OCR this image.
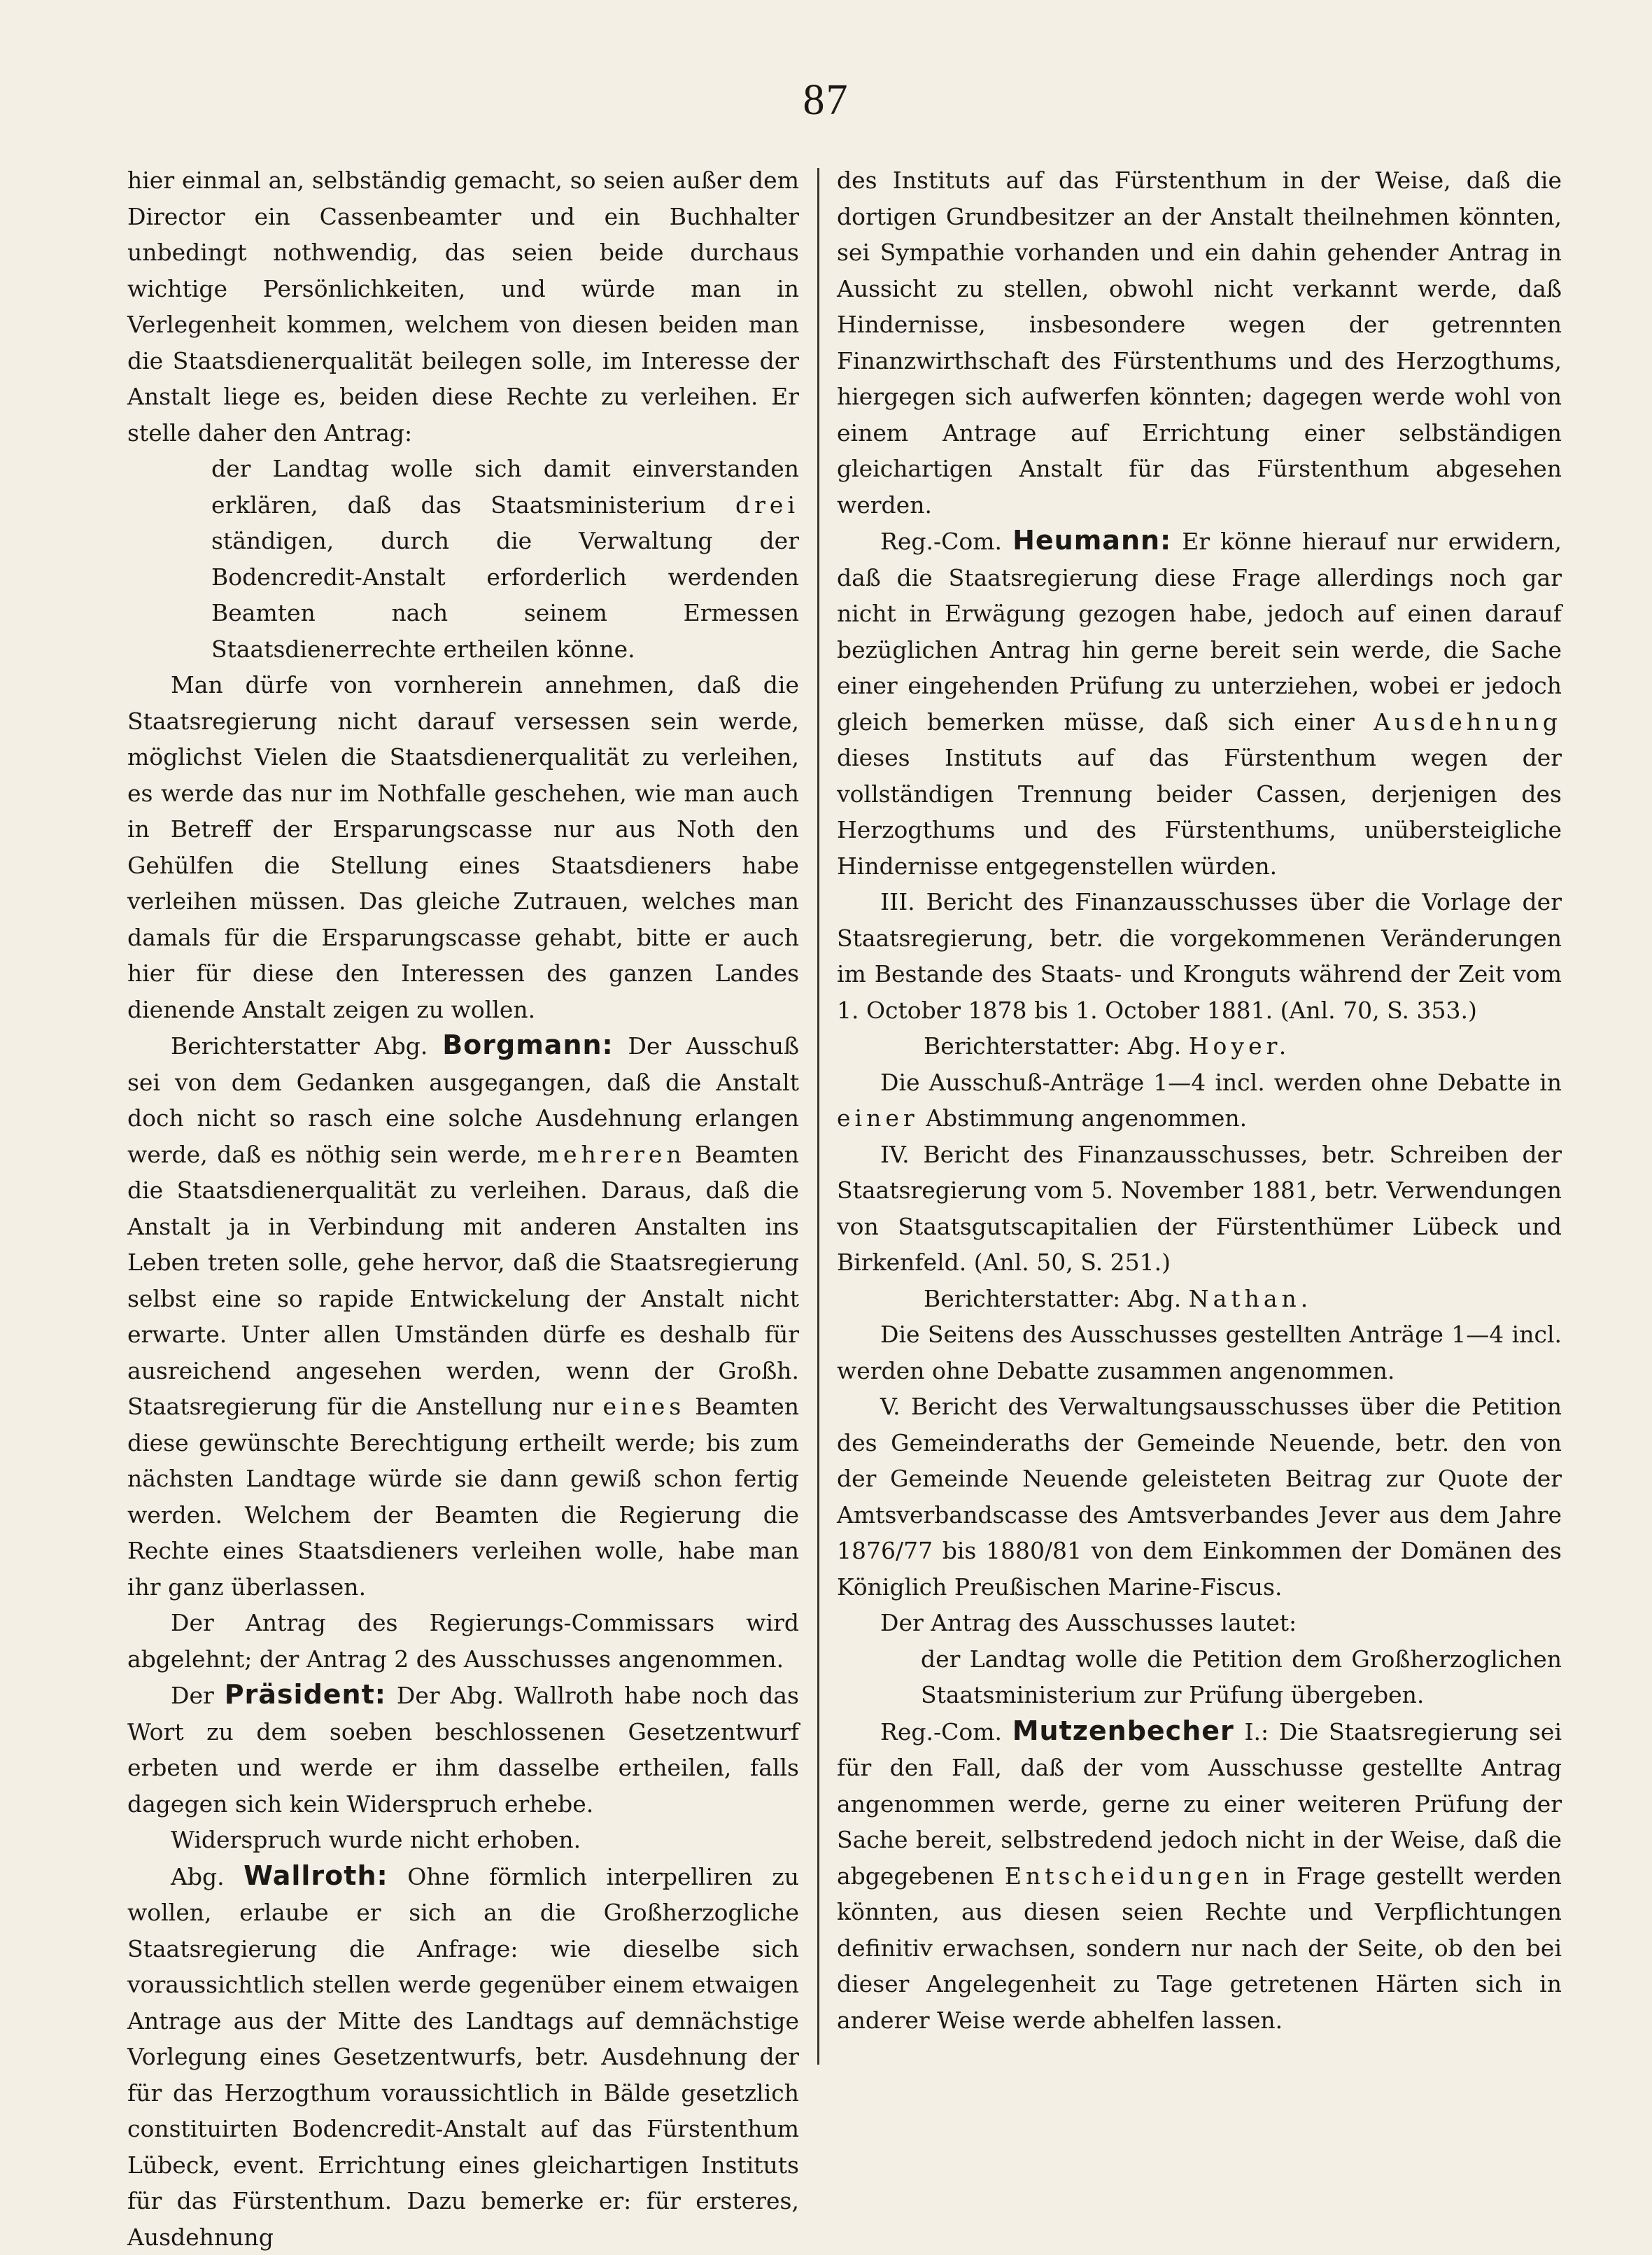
87

hier einmal an, selbständig gemacht, so seien außer dem Director ein Cassenbeamter und ein Buchhalter unbedingt nothwendig, das seien beide durchaus wichtige Persönlichkeiten, und würde man in Verlegenheit kommen, welchem von diesen beiden man die Staatsdienerqualität beilegen solle, im Interesse der Anstalt liege es, beiden diese Rechte zu verleihen. Er stelle daher den Antrag:

der Landtag wolle sich damit einverstanden erklären, daß das Staatsministerium drei ständigen, durch die Verwaltung der Bodencredit-Anstalt erforderlich werdenden Beamten nach seinem Ermessen Staatsdienerrechte ertheilen könne.

Man dürfe von vornherein annehmen, daß die Staatsregierung nicht darauf versessen sein werde, möglichst Vielen die Staatsdienerqualität zu verleihen, es werde das nur im Nothfalle geschehen, wie man auch in Betreff der Ersparungscasse nur aus Noth den Gehülfen die Stellung eines Staatsdieners habe verleihen müssen. Das gleiche Zutrauen, welches man damals für die Ersparungscasse gehabt, bitte er auch hier für diese den Interessen des ganzen Landes dienende Anstalt zeigen zu wollen.

Berichterstatter Abg. Borgmann: Der Ausschuß sei von dem Gedanken ausgegangen, daß die Anstalt doch nicht so rasch eine solche Ausdehnung erlangen werde, daß es nöthig sein werde, mehreren Beamten die Staatsdienerqualität zu verleihen. Daraus, daß die Anstalt ja in Verbindung mit anderen Anstalten ins Leben treten solle, gehe hervor, daß die Staatsregierung selbst eine so rapide Entwickelung der Anstalt nicht erwarte. Unter allen Umständen dürfe es deshalb für ausreichend angesehen werden, wenn der Großh. Staatsregierung für die Anstellung nur eines Beamten diese gewünschte Berechtigung ertheilt werde; bis zum nächsten Landtage würde sie dann gewiß schon fertig werden. Welchem der Beamten die Regierung die Rechte eines Staatsdieners verleihen wolle, habe man ihr ganz überlassen.

Der Antrag des Regierungs-Commissars wird abgelehnt; der Antrag 2 des Ausschusses angenommen.

Der Präsident: Der Abg. Wallroth habe noch das Wort zu dem soeben beschlossenen Gesetzentwurf erbeten und werde er ihm dasselbe ertheilen, falls dagegen sich kein Widerspruch erhebe.

Widerspruch wurde nicht erhoben.

Abg. Wallroth: Ohne förmlich interpelliren zu wollen, erlaube er sich an die Großherzogliche Staatsregierung die Anfrage: wie dieselbe sich voraussichtlich stellen werde gegenüber einem etwaigen Antrage aus der Mitte des Landtags auf demnächstige Vorlegung eines Gesetzentwurfs, betr. Ausdehnung der für das Herzogthum voraussichtlich in Bälde gesetzlich constituirten Bodencredit-Anstalt auf das Fürstenthum Lübeck, event. Errichtung eines gleichartigen Instituts für das Fürstenthum. Dazu bemerke er: für ersteres, Ausdehnung

des Instituts auf das Fürstenthum in der Weise, daß die dortigen Grundbesitzer an der Anstalt theilnehmen könnten, sei Sympathie vorhanden und ein dahin gehender Antrag in Aussicht zu stellen, obwohl nicht verkannt werde, daß Hindernisse, insbesondere wegen der getrennten Finanzwirthschaft des Fürstenthums und des Herzogthums, hiergegen sich aufwerfen könnten; dagegen werde wohl von einem Antrage auf Errichtung einer selbständigen gleichartigen Anstalt für das Fürstenthum abgesehen werden.

Reg.-Com. Heumann: Er könne hierauf nur erwidern, daß die Staatsregierung diese Frage allerdings noch gar nicht in Erwägung gezogen habe, jedoch auf einen darauf bezüglichen Antrag hin gerne bereit sein werde, die Sache einer eingehenden Prüfung zu unterziehen, wobei er jedoch gleich bemerken müsse, daß sich einer Ausdehnung dieses Instituts auf das Fürstenthum wegen der vollständigen Trennung beider Cassen, derjenigen des Herzogthums und des Fürstenthums, unübersteigliche Hindernisse entgegenstellen würden.

III. Bericht des Finanzausschusses über die Vorlage der Staatsregierung, betr. die vorgekommenen Veränderungen im Bestande des Staats- und Kronguts während der Zeit vom 1. October 1878 bis 1. October 1881. (Anl. 70, S. 353.)

Berichterstatter: Abg. Hoyer.

Die Ausschuß-Anträge 1—4 incl. werden ohne Debatte in einer Abstimmung angenommen.

IV. Bericht des Finanzausschusses, betr. Schreiben der Staatsregierung vom 5. November 1881, betr. Verwendungen von Staatsgutscapitalien der Fürstenthümer Lübeck und Birkenfeld. (Anl. 50, S. 251.)

Berichterstatter: Abg. Nathan.

Die Seitens des Ausschusses gestellten Anträge 1—4 incl. werden ohne Debatte zusammen angenommen.

V. Bericht des Verwaltungsausschusses über die Petition des Gemeinderaths der Gemeinde Neuende, betr. den von der Gemeinde Neuende geleisteten Beitrag zur Quote der Amtsverbandscasse des Amtsverbandes Jever aus dem Jahre 1876/77 bis 1880/81 von dem Einkommen der Domänen des Königlich Preußischen Marine-Fiscus.

Der Antrag des Ausschusses lautet:

der Landtag wolle die Petition dem Großherzoglichen Staatsministerium zur Prüfung übergeben.

Reg.-Com. Mutzenbecher I.: Die Staatsregierung sei für den Fall, daß der vom Ausschusse gestellte Antrag angenommen werde, gerne zu einer weiteren Prüfung der Sache bereit, selbstredend jedoch nicht in der Weise, daß die abgegebenen Entscheidungen in Frage gestellt werden könnten, aus diesen seien Rechte und Verpflichtungen definitiv erwachsen, sondern nur nach der Seite, ob den bei dieser Angelegenheit zu Tage getretenen Härten sich in anderer Weise werde abhelfen lassen.
